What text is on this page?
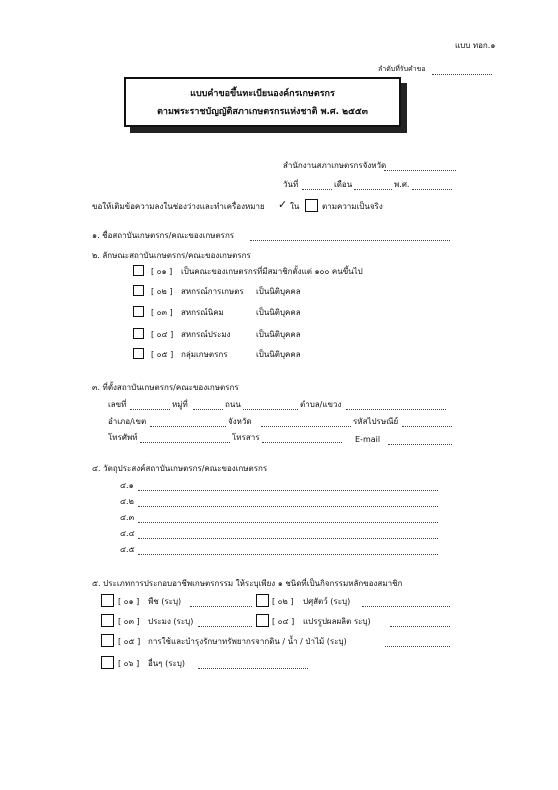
แบบ ทอก.๑
ลำดับที่รับคำขอ
แบบคำขอขึ้นทะเบียนองค์กรเกษตรกร
ตามพระราชบัญญัติสภาเกษตรกรแห่งชาติ พ.ศ. ๒๕๕๓
สำนักงานสภาเกษตรกรจังหวัด
วันที่	เดือน	พ.ศ.
ขอให้เติมข้อความลงในช่องว่างและทำเครื่องหมาย ✓ ใน	ตามความเป็นจริง
๑. ชื่อสถาบันเกษตรกร/คณะของเกษตรกร
๒. ลักษณะสถาบันเกษตรกร/คณะของเกษตรกร
[ ๐๑ ] เป็นคณะของเกษตรกรที่มีสมาชิกตั้งแต่ ๑๐๐ คนขึ้นไป
[ ๐๒ ] สหกรณ์การเกษตร เป็นนิติบุคคล
[ ๐๓ ] สหกรณ์นิคม	เป็นนิติบุคคล
[ ๐๔ ] สหกรณ์ประมง	เป็นนิติบุคคล
[ ๐๕ ] กลุ่มเกษตรกร	เป็นนิติบุคคล
๓. ที่ตั้งสถาบันเกษตรกร/คณะของเกษตรกร
เลขที่	หมู่ที่	ถนน	ตำบล/แขวง
อำเภอ/เขต	จังหวัด	รหัสไปรษณีย์
โทรศัพท์	โทรสาร	E-mail
๔. วัตถุประสงค์สถาบันเกษตรกร/คณะของเกษตรกร
๔.๑
๔.๒
๔.๓
๔.๔
๔.๕
๕. ประเภทการประกอบอาชีพเกษตรกรรม ให้ระบุเพียง ๑ ชนิดที่เป็นกิจกรรมหลักของสมาชิก
[ ๐๑ ] พืช (ระบุ)	[ ๐๒ ] ปศุสัตว์ (ระบุ)
[ ๐๓ ] ประมง (ระบุ)	[ ๐๔ ] แปรรูปผลผลิต ระบุ)
[ ๐๕ ] การใช้และบำรุงรักษาทรัพยากรจากดิน / น้ำ / ป่าไม้ (ระบุ)
[ ๐๖ ] อื่นๆ (ระบุ)
